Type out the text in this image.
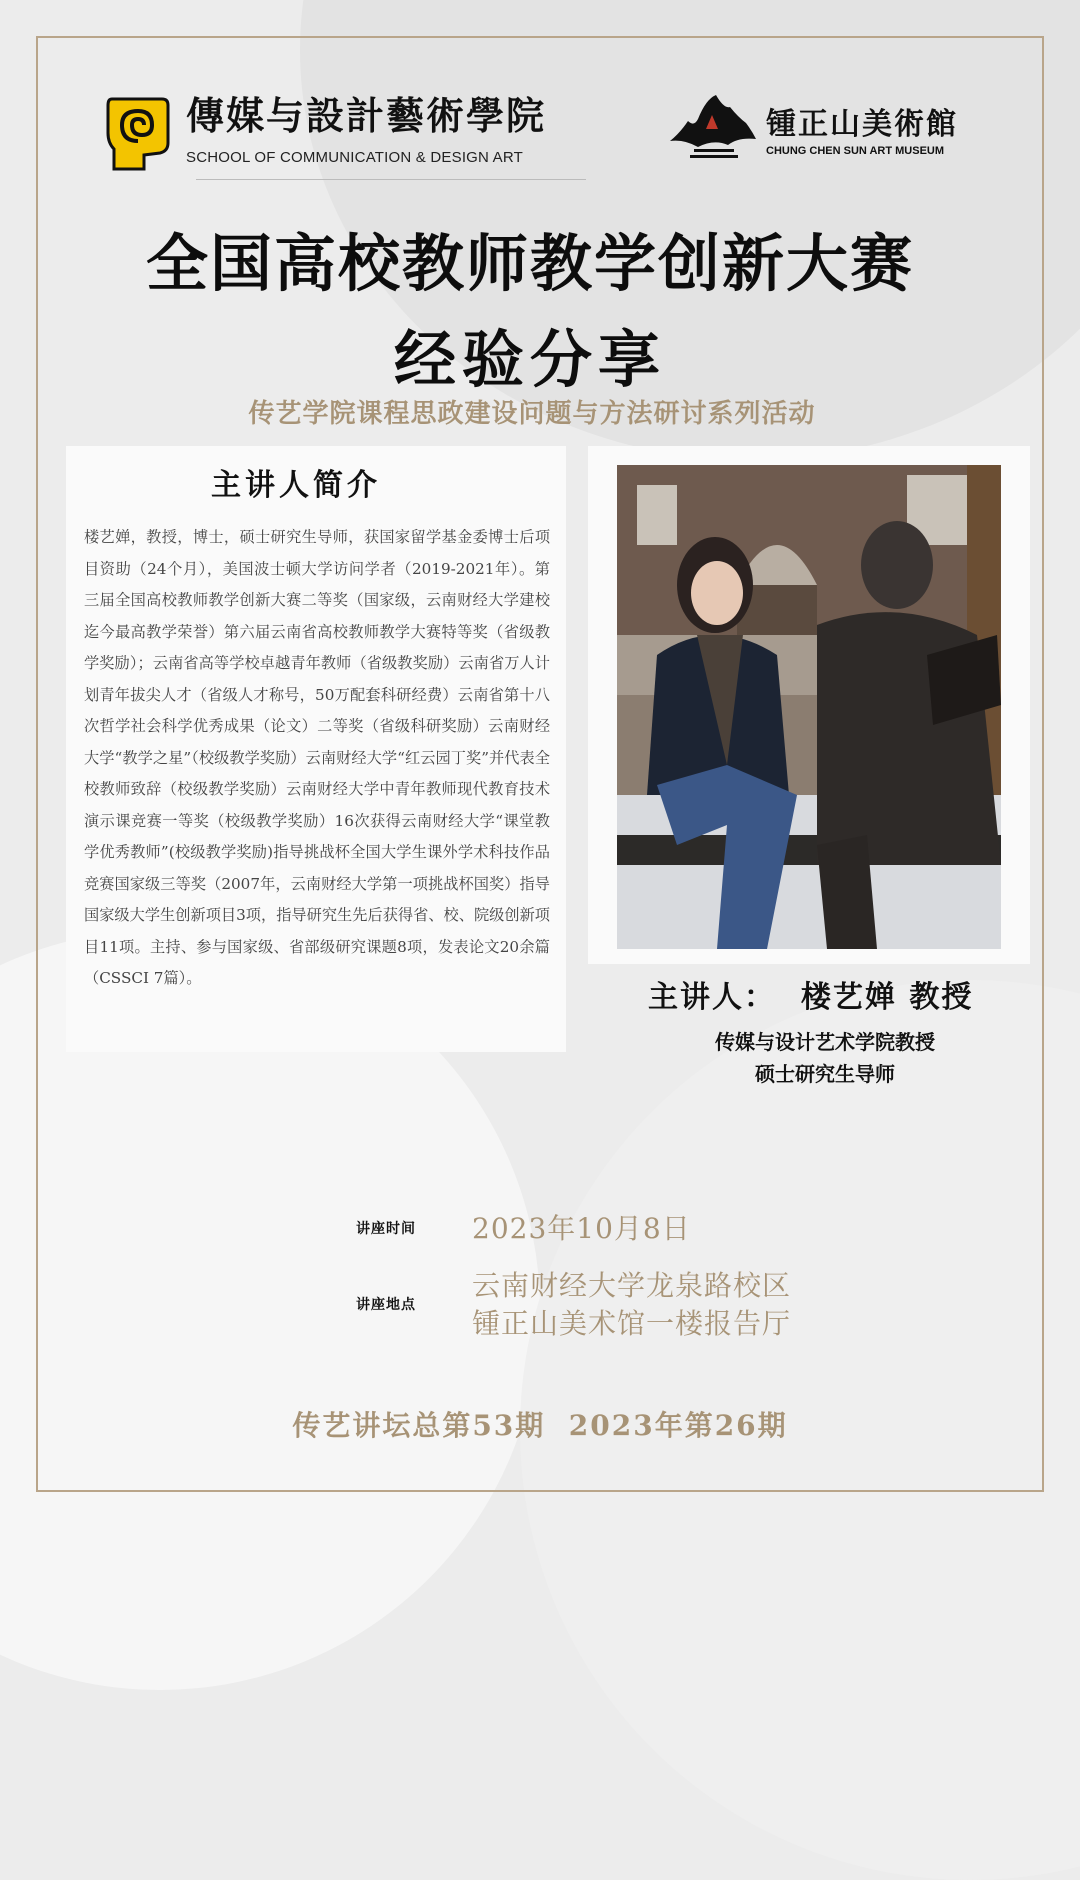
傳媒与設計藝術學院
SCHOOL OF COMMUNICATION & DESIGN ART
锺正山美術館
CHUNG CHEN SUN ART MUSEUM
全国高校教师教学创新大赛
经验分享
传艺学院课程思政建设问题与方法研讨系列活动
主讲人简介
楼艺婵，教授，博士，硕士研究生导师，获国家留学基金委博士后项目资助（24个月），美国波士顿大学访问学者（2019-2021年）。第三届全国高校教师教学创新大赛二等奖（国家级，云南财经大学建校迄今最高教学荣誉）第六届云南省高校教师教学大赛特等奖（省级教学奖励）；云南省高等学校卓越青年教师（省级教奖励）云南省万人计划青年拔尖人才（省级人才称号，50万配套科研经费）云南省第十八次哲学社会科学优秀成果（论文）二等奖（省级科研奖励）云南财经大学“教学之星”（校级教学奖励）云南财经大学“红云园丁奖”并代表全校教师致辞（校级教学奖励）云南财经大学中青年教师现代教育技术演示课竞赛一等奖（校级教学奖励）16次获得云南财经大学“课堂教学优秀教师”(校级教学奖励)指导挑战杯全国大学生课外学术科技作品竞赛国家级三等奖（2007年，云南财经大学第一项挑战杯国奖）指导国家级大学生创新项目3项，指导研究生先后获得省、校、院级创新项目11项。主持、参与国家级、省部级研究课题8项，发表论文20余篇（CSSCI 7篇）。
主讲人：  楼艺婵 教授
传媒与设计艺术学院教授
硕士研究生导师
讲座时间 2023年10月8日
讲座地点
云南财经大学龙泉路校区
锺正山美术馆一楼报告厅
传艺讲坛总第53期  2023年第26期
